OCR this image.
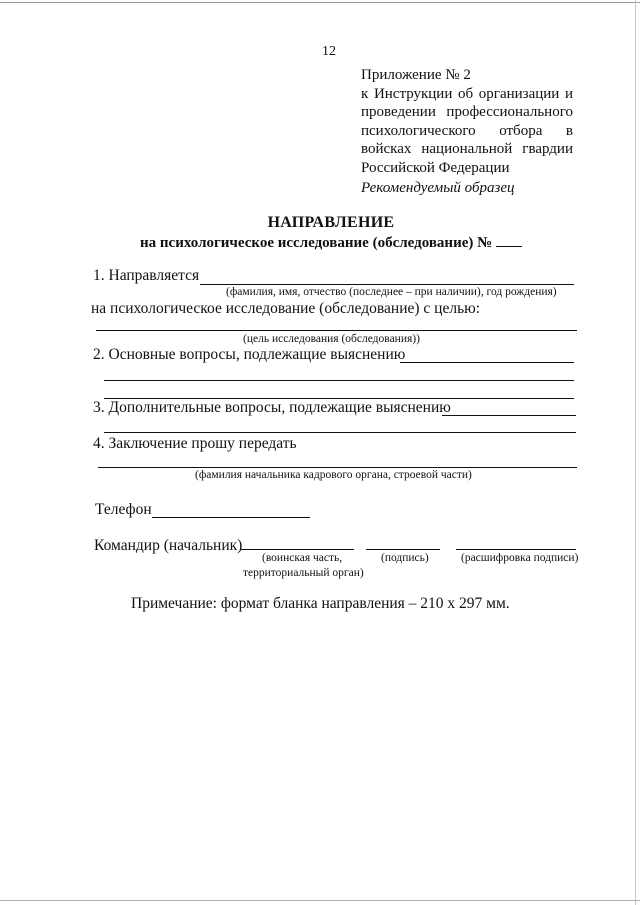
12
Приложение № 2
к Инструкции об организации и
проведении профессионального
психологического отбора в
войсках национальной гвардии
Российской Федерации
Рекомендуемый образец
НАПРАВЛЕНИЕ
на психологическое исследование (обследование) №
1. Направляется
(фамилия, имя, отчество (последнее – при наличии), год рождения)
на психологическое исследование (обследование) с целью:
(цель исследования (обследования))
2. Основные вопросы, подлежащие выяснению
3. Дополнительные вопросы, подлежащие выяснению
4. Заключение прошу передать
(фамилия начальника кадрового органа, строевой части)
Телефон
Командир (начальник)
(воинская часть,
территориальный орган)
(подпись)	(расшифровка подписи)
Примечание: формат бланка направления – 210 х 297 мм.
